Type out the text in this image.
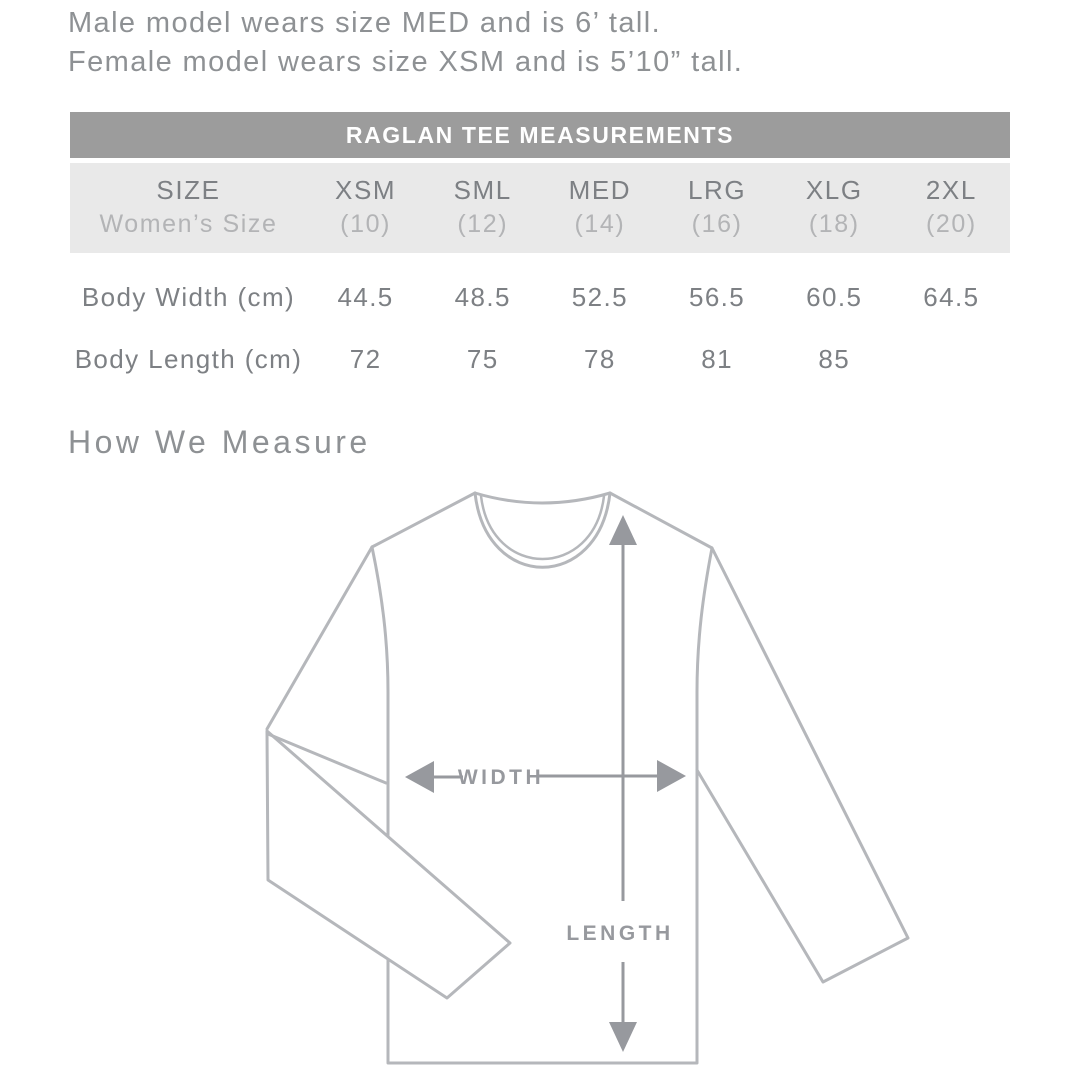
Male model wears size MED and is 6’ tall.
Female model wears size XSM and is 5’10” tall.
RAGLAN TEE MEASUREMENTS
SIZE	XSM	SML	MED	LRG	XLG	2XL
Women’s Size	(10)	(12)	(14)	(16)	(18)	(20)
Body Width (cm)	44.5	48.5	52.5	56.5	60.5	64.5
Body Length (cm)	72	75	78	81	85
How We Measure
WIDTH
LENGTH
